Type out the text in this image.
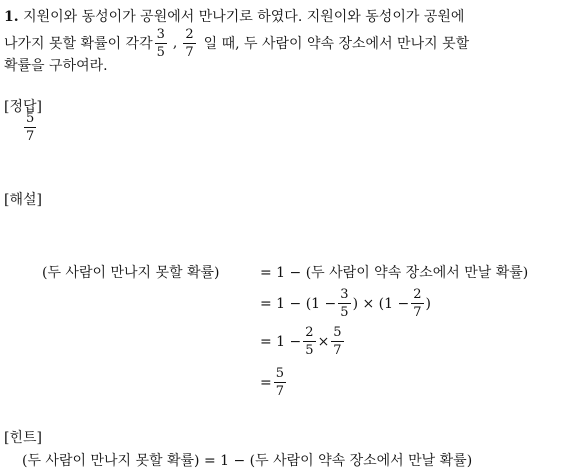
1. 지원이와 동성이가 공원에서 만나기로 하였다. 지원이와 동성이가 공원에
나가지 못할 확률이 각각 $\frac{3}{5}$ , $\frac{2}{7}$ 일 때, 두 사람이 약속 장소에서 만나지 못할
확률을 구하여라.
[정답]
$\frac{5}{7}$
[해설]
(두 사람이 만나지 못할 확률)	= 1 − (두 사람이 약속 장소에서 만날 확률)
= $1 - (1 - \frac{3}{5}$ ) × ($1 - \frac{2}{7}$ )
= $1 - \frac{2}{5} \times \frac{5}{7}$
= $\frac{5}{7}$
[힌트]
(두 사람이 만나지 못할 확률) = 1 − (두 사람이 약속 장소에서 만날 확률)
